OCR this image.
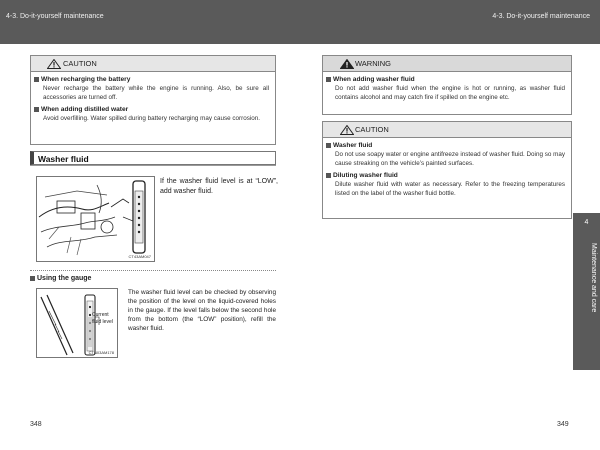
4-3. Do-it-yourself maintenance	4-3. Do-it-yourself maintenance
4
Maintenance and care
CAUTION
When recharging the battery
Never recharge the battery while the engine is running. Also, be sure all accessories are turned off.
When adding distilled water
Avoid overfilling. Water spilled during battery recharging may cause corrosion.
Washer fluid
CT43AM047
If the washer fluid level is at “LOW”, add washer fluid.
Using the gauge
Current
fluid level
CTN03AM178
The washer fluid level can be checked by observing the position of the level on the liquid-covered holes in the gauge. If the level falls below the second hole from the bottom (the “LOW” position), refill the washer fluid.
WARNING
When adding washer fluid
Do not add washer fluid when the engine is hot or running, as washer fluid contains alcohol and may catch fire if spilled on the engine etc.
CAUTION
Washer fluid
Do not use soapy water or engine antifreeze instead of washer fluid. Doing so may cause streaking on the vehicle’s painted surfaces.
Diluting washer fluid
Dilute washer fluid with water as necessary. Refer to the freezing temperatures listed on the label of the washer fluid bottle.
348	349
